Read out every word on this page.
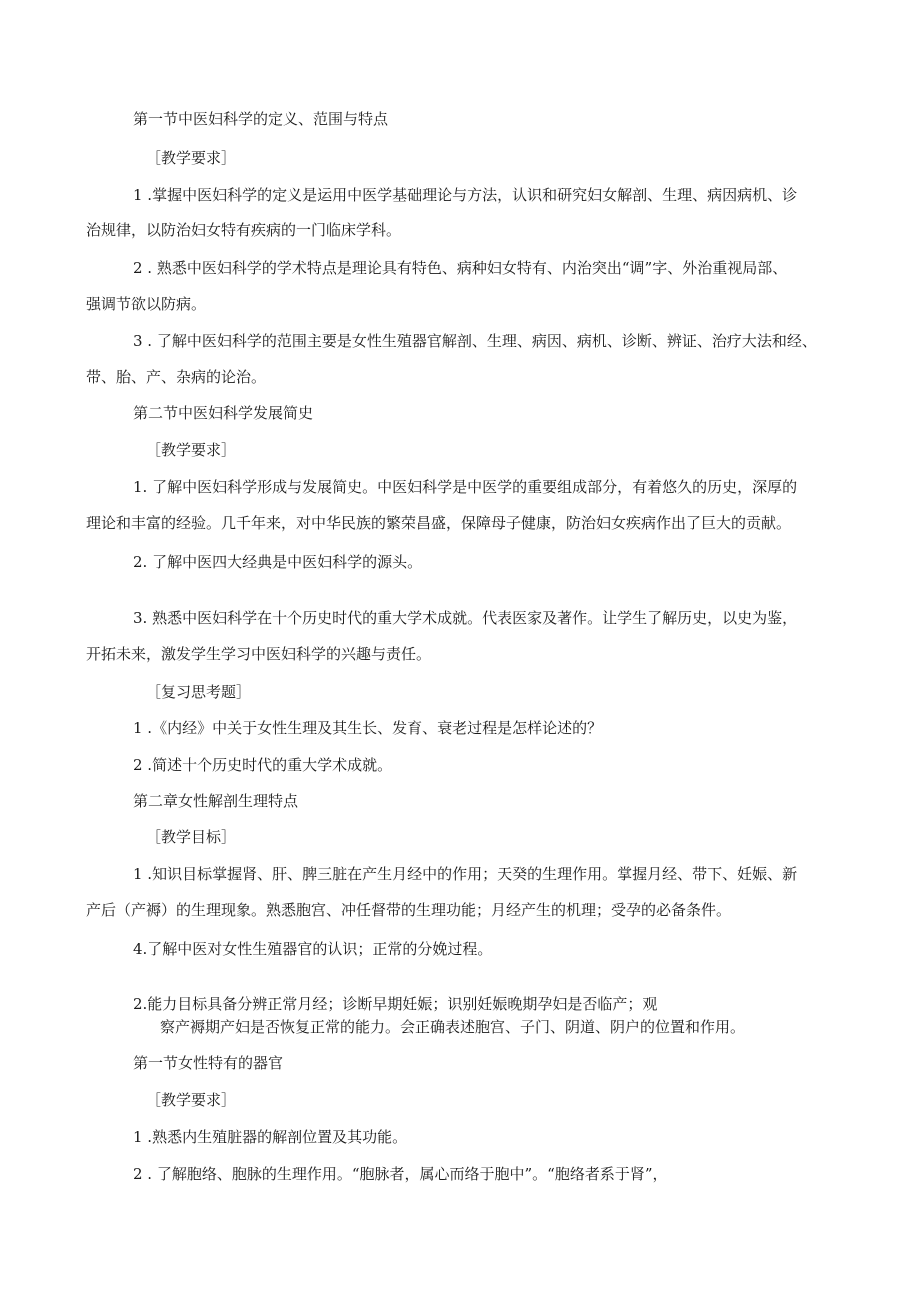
第一节中医妇科学的定义、范围与特点

［教学要求］

1 .掌握中医妇科学的定义是运用中医学基础理论与方法，认识和研究妇女解剖、生理、病因病机、诊

治规律，以防治妇女特有疾病的一门临床学科。

2 . 熟悉中医妇科学的学术特点是理论具有特色、病种妇女特有、内治突出“调”字、外治重视局部、

强调节欲以防病。

3 . 了解中医妇科学的范围主要是女性生殖器官解剖、生理、病因、病机、诊断、辨证、治疗大法和经、

带、胎、产、杂病的论治。

第二节中医妇科学发展简史

［教学要求］

1. 了解中医妇科学形成与发展简史。中医妇科学是中医学的重要组成部分，有着悠久的历史，深厚的

理论和丰富的经验。几千年来，对中华民族的繁荣昌盛，保障母子健康，防治妇女疾病作出了巨大的贡献。

2. 了解中医四大经典是中医妇科学的源头。

3. 熟悉中医妇科学在十个历史时代的重大学术成就。代表医家及著作。让学生了解历史，以史为鉴，

开拓未来，激发学生学习中医妇科学的兴趣与责任。

［复习思考题］

1 .《内经》中关于女性生理及其生长、发育、衰老过程是怎样论述的？

2 .简述十个历史时代的重大学术成就。

第二章女性解剖生理特点

［教学目标］

1 .知识目标掌握肾、肝、脾三脏在产生月经中的作用；天癸的生理作用。掌握月经、带下、妊娠、新

产后（产褥）的生理现象。熟悉胞宫、冲任督带的生理功能；月经产生的机理；受孕的必备条件。

4.了解中医对女性生殖器官的认识；正常的分娩过程。

2.能力目标具备分辨正常月经；诊断早期妊娠；识别妊娠晚期孕妇是否临产；观

察产褥期产妇是否恢复正常的能力。会正确表述胞宫、子门、阴道、阴户的位置和作用。

第一节女性特有的器官

［教学要求］

1 .熟悉内生殖脏器的解剖位置及其功能。

2 . 了解胞络、胞脉的生理作用。“胞脉者，属心而络于胞中”。“胞络者系于肾”，
